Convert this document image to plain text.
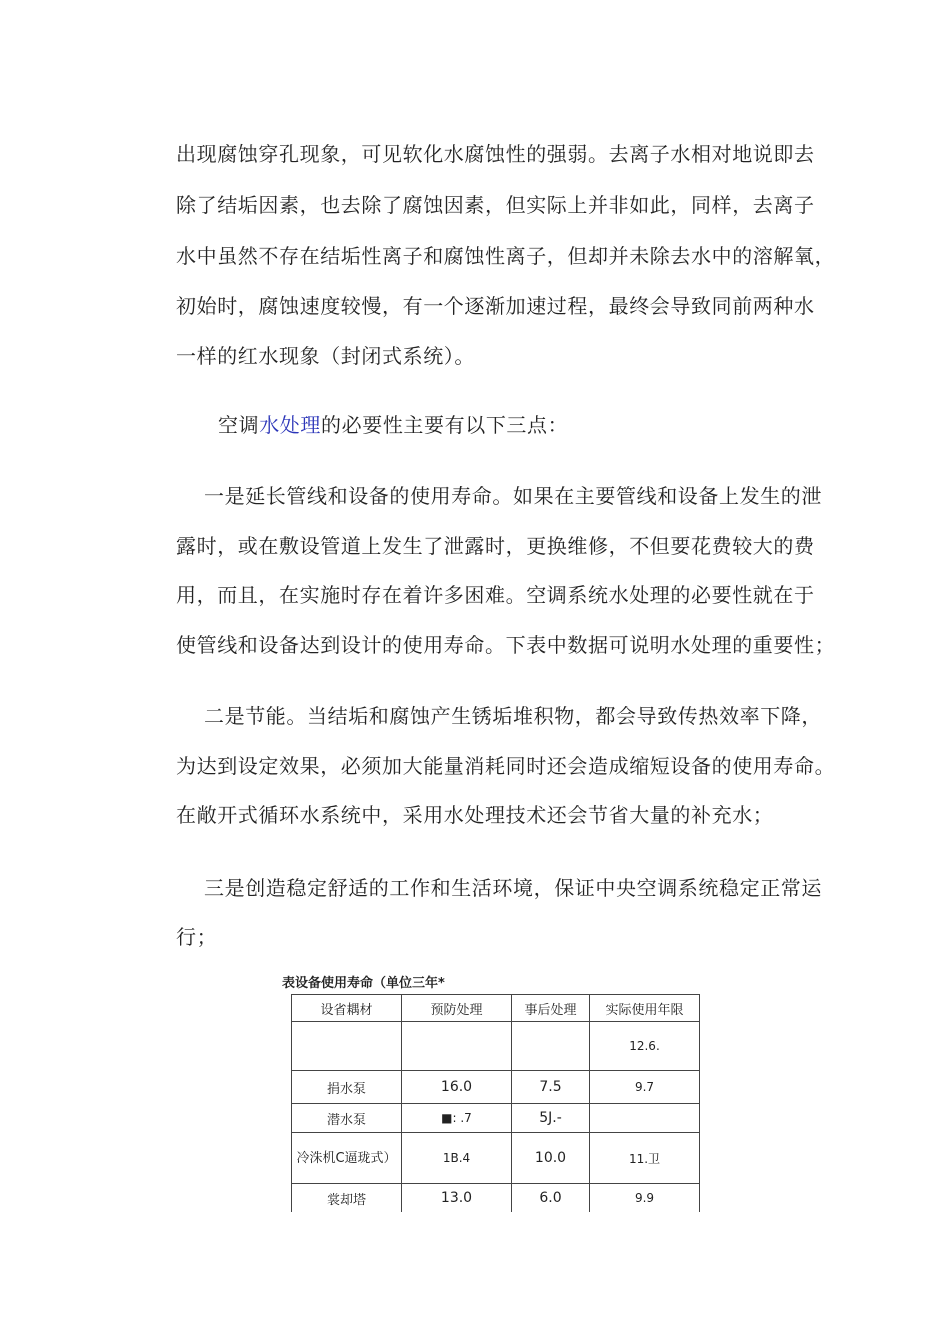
出现腐蚀穿孔现象，可见软化水腐蚀性的强弱。去离子水相对地说即去
除了结垢因素，也去除了腐蚀因素，但实际上并非如此，同样，去离子
水中虽然不存在结垢性离子和腐蚀性离子，但却并未除去水中的溶解氧，
初始时，腐蚀速度较慢，有一个逐渐加速过程，最终会导致同前两种水
一样的红水现象（封闭式系统）。
空调水处理的必要性主要有以下三点：
一是延长管线和设备的使用寿命。如果在主要管线和设备上发生的泄
露时，或在敷设管道上发生了泄露时，更换维修，不但要花费较大的费
用，而且，在实施时存在着许多困难。空调系统水处理的必要性就在于
使管线和设备达到设计的使用寿命。下表中数据可说明水处理的重要性；
二是节能。当结垢和腐蚀产生锈垢堆积物，都会导致传热效率下降，
为达到设定效果，必须加大能量消耗同时还会造成缩短设备的使用寿命。
在敞开式循环水系统中，采用水处理技术还会节省大量的补充水；
三是创造稳定舒适的工作和生活环境，保证中央空调系统稳定正常运
行；
表设备使用寿命（单位三年*
设省耦材	预防处理	事后处理	实际使用年限
			12.6.
捐水泵	16.0	7.5	9.7
潜水泵	■: .7	5J.-	
冷洙机C逼珑式）	1B.4	10.0	11.卫
裳却塔	13.0	6.0	9.9
